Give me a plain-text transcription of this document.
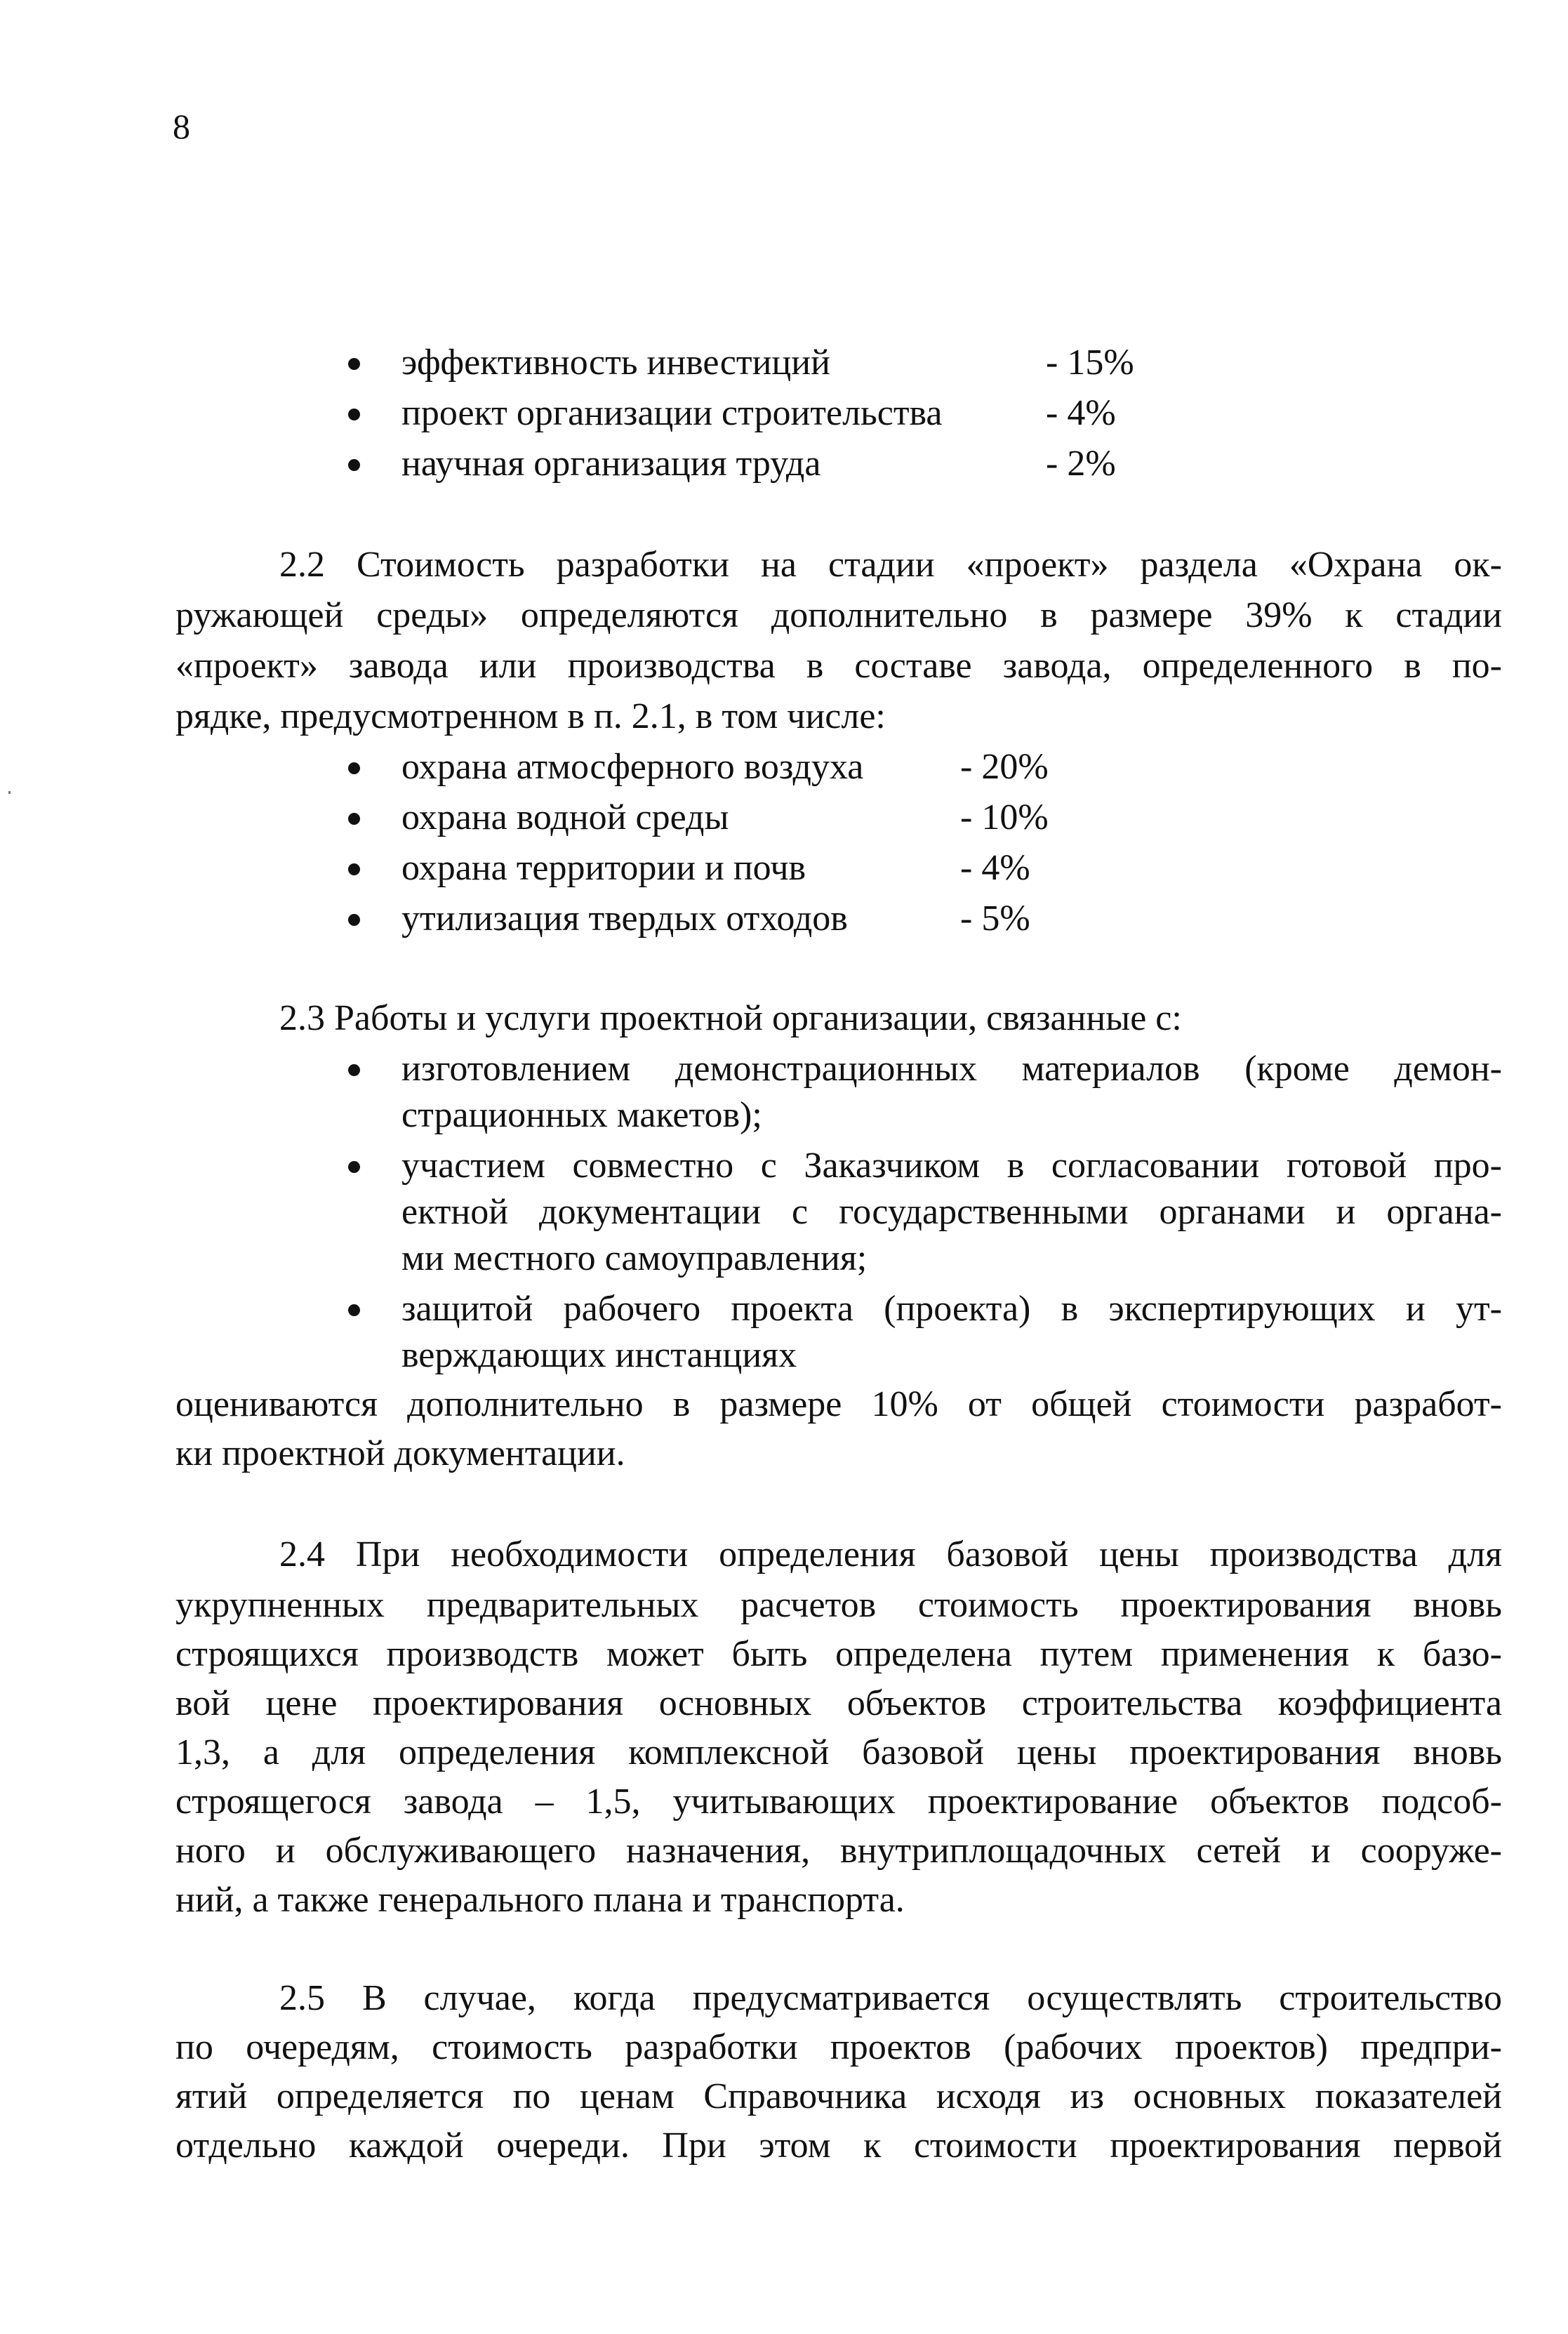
8
эффективность инвестиций	- 15%
проект организации строительства	- 4%
научная организация труда	- 2%
2.2 Стоимость разработки на стадии «проект» раздела «Охрана ок-
ружающей среды» определяются дополнительно в размере 39% к стадии
«проект» завода или производства в составе завода, определенного в по-
рядке, предусмотренном в п. 2.1, в том числе:
охрана атмосферного воздуха	- 20%
охрана водной среды	- 10%
охрана территории и почв	- 4%
утилизация твердых отходов	- 5%
2.3 Работы и услуги проектной организации, связанные с:
изготовлением демонстрационных материалов (кроме демон-
страционных макетов);
участием совместно с Заказчиком в согласовании готовой про-
ектной документации с государственными органами и органа-
ми местного самоуправления;
защитой рабочего проекта (проекта) в экспертирующих и ут-
верждающих инстанциях
оцениваются дополнительно в размере 10% от общей стоимости разработ-
ки проектной документации.
2.4 При необходимости определения базовой цены производства для
укрупненных предварительных расчетов стоимость проектирования вновь
строящихся производств может быть определена путем применения к базо-
вой цене проектирования основных объектов строительства коэффициента
1,3, а для определения комплексной базовой цены проектирования вновь
строящегося завода – 1,5, учитывающих проектирование объектов подсоб-
ного и обслуживающего назначения, внутриплощадочных сетей и сооруже-
ний, а также генерального плана и транспорта.
2.5 В случае, когда предусматривается осуществлять строительство
по очередям, стоимость разработки проектов (рабочих проектов) предпри-
ятий определяется по ценам Справочника исходя из основных показателей
отдельно каждой очереди. При этом к стоимости проектирования первой
